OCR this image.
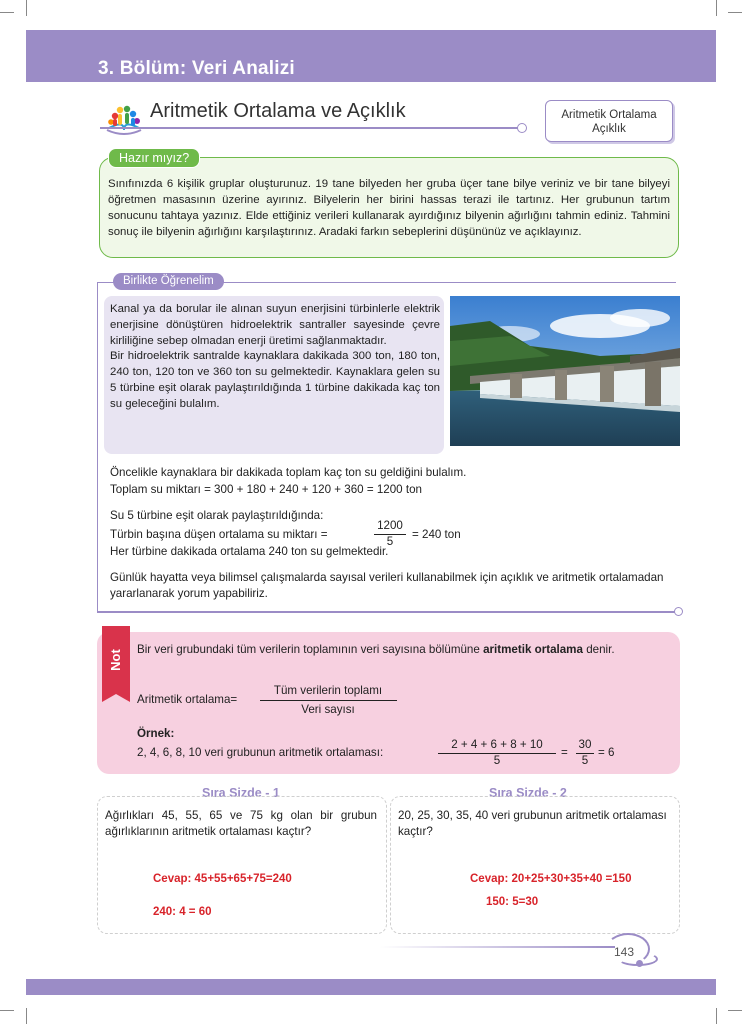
3. Bölüm: Veri Analizi
Aritmetik Ortalama ve Açıklık	Aritmetik Ortalama
Açıklık
Hazır mıyız?
Sınıfınızda 6 kişilik gruplar oluşturunuz. 19 tane bilyeden her gruba üçer tane bilye veriniz ve bir tane bilyeyi öğretmen masasının üzerine ayırınız. Bilyelerin her birini hassas terazi ile tartınız. Her grubunun tartım sonucunu tahtaya yazınız. Elde ettiğiniz verileri kullanarak ayırdığınız bilyenin ağırlığını tahmin ediniz. Tahmini sonuç ile bilyenin ağırlığını karşılaştırınız. Aradaki farkın sebeplerini düşününüz ve açıklayınız.
Birlikte Öğrenelim
Kanal ya da borular ile alınan suyun enerjisini türbinlerle elektrik enerjisine dönüştüren hidroelektrik santraller sayesinde çevre kirliliğine sebep olmadan enerji üretimi sağlanmaktadır.
Bir hidroelektrik santralde kaynaklara dakikada 300 ton, 180 ton, 240 ton, 120 ton ve 360 ton su gelmektedir. Kaynaklara gelen su 5 türbine eşit olarak paylaştırıldığında 1 türbine dakikada kaç ton su geleceğini bulalım.
Öncelikle kaynaklara bir dakikada toplam kaç ton su geldiğini bulalım.
Toplam su miktarı = 300 + 180 + 240 + 120 + 360 = 1200 ton
Su 5 türbine eşit olarak paylaştırıldığında:
Türbin başına düşen ortalama su miktarı =
1200
5
= 240 ton
Her türbine dakikada ortalama 240 ton su gelmektedir.
Günlük hayatta veya bilimsel çalışmalarda sayısal verileri kullanabilmek için açıklık ve aritmetik ortalamadan yararlanarak yorum yapabiliriz.
Not Bir veri grubundaki tüm verilerin toplamının veri sayısına bölümüne aritmetik ortalama denir.
Aritmetik ortalama=
Tüm verilerin toplamı
Veri sayısı
Örnek:
2, 4, 6, 8, 10 veri grubunun aritmetik ortalaması:
2 + 4 + 6 + 8 + 10
5
=
30
5
= 6
Sıra Sizde - 1
Ağırlıkları 45, 55, 65 ve 75 kg olan bir grubun ağırlıklarının aritmetik ortalaması kaçtır?
Cevap: 45+55+65+75=240
240: 4 = 60
Sıra Sizde - 2
20, 25, 30, 35, 40 veri grubunun aritmetik ortalaması kaçtır?
Cevap: 20+25+30+35+40 =150
150: 5=30
143
